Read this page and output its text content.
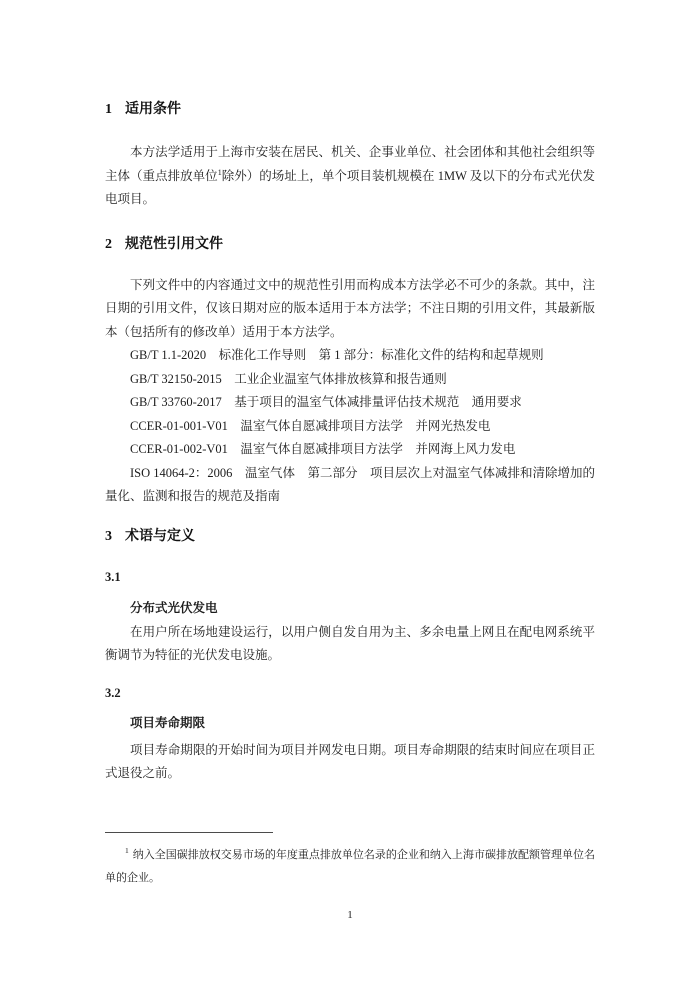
1 适用条件

本方法学适用于上海市安装在居民、机关、企事业单位、社会团体和其他社会组织等主体（重点排放单位$^1$除外）的场址上，单个项目装机规模在 1MW 及以下的分布式光伏发电项目。

2 规范性引用文件

下列文件中的内容通过文中的规范性引用而构成本方法学必不可少的条款。其中，注日期的引用文件，仅该日期对应的版本适用于本方法学；不注日期的引用文件，其最新版本（包括所有的修改单）适用于本方法学。

GB/T 1.1-2020　标准化工作导则　第 1 部分：标准化文件的结构和起草规则

GB/T 32150-2015　工业企业温室气体排放核算和报告通则

GB/T 33760-2017　基于项目的温室气体减排量评估技术规范　通用要求

CCER-01-001-V01　温室气体自愿减排项目方法学　并网光热发电

CCER-01-002-V01　温室气体自愿减排项目方法学　并网海上风力发电

ISO 14064-2：2006　温室气体　第二部分　项目层次上对温室气体减排和清除增加的量化、监测和报告的规范及指南

3 术语与定义

3.1

分布式光伏发电

在用户所在场地建设运行，以用户侧自发自用为主、多余电量上网且在配电网系统平衡调节为特征的光伏发电设施。

3.2

项目寿命期限

项目寿命期限的开始时间为项目并网发电日期。项目寿命期限的结束时间应在项目正式退役之前。

$^1$ 纳入全国碳排放权交易市场的年度重点排放单位名录的企业和纳入上海市碳排放配额管理单位名单的企业。

1
